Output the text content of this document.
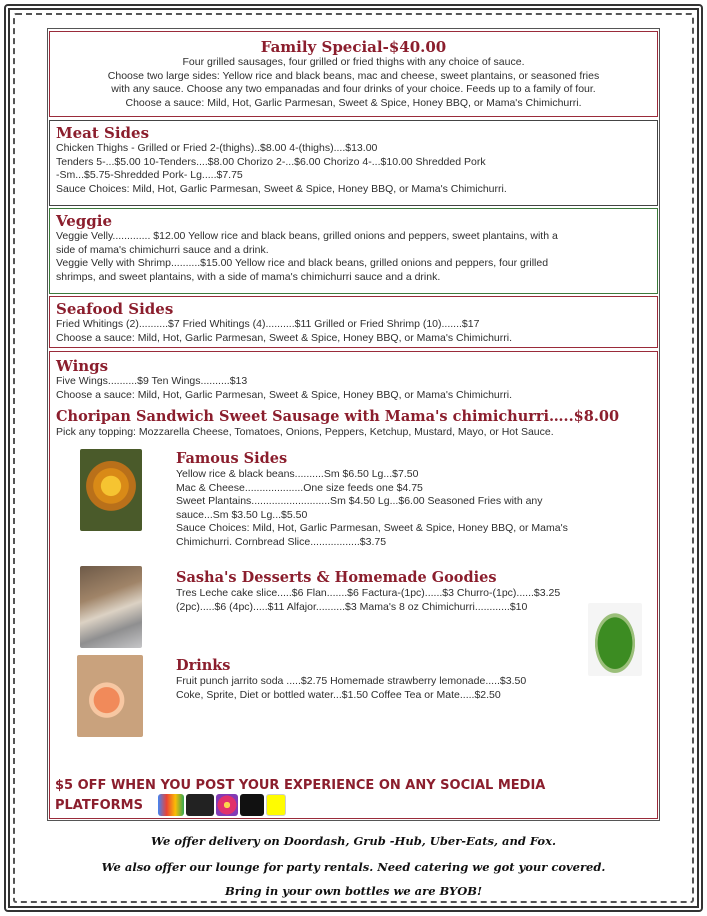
Family Special-$40.00
Four grilled sausages, four grilled or fried thighs with any choice of sauce.
Choose two large sides: Yellow rice and black beans, mac and cheese, sweet plantains, or seasoned fries
with any sauce. Choose any two empanadas and four drinks of your choice. Feeds up to a family of four.
Choose a sauce: Mild, Hot, Garlic Parmesan, Sweet & Spice, Honey BBQ, or Mama's Chimichurri.
Meat Sides
Chicken Thighs - Grilled or Fried 2-(thighs)..$8.00 4-(thighs)....$13.00
Tenders 5-...$5.00 10-Tenders....$8.00 Chorizo 2-...$6.00 Chorizo 4-...$10.00 Shredded Pork
-Sm...$5.75-Shredded Pork- Lg.....$7.75
Sauce Choices: Mild, Hot, Garlic Parmesan, Sweet & Spice, Honey BBQ, or Mama's Chimichurri.
Veggie
Veggie Velly............. $12.00 Yellow rice and black beans, grilled onions and peppers, sweet plantains, with a
side of mama's chimichurri sauce and a drink.
Veggie Velly with Shrimp..........$15.00 Yellow rice and black beans, grilled onions and peppers, four grilled
shrimps, and sweet plantains, with a side of mama's chimichurri sauce and a drink.
Seafood Sides
Fried Whitings (2)..........$7 Fried Whitings (4)..........$11 Grilled or Fried Shrimp (10).......$17
Choose a sauce: Mild, Hot, Garlic Parmesan, Sweet & Spice, Honey BBQ, or Mama's Chimichurri.
Wings
Five Wings..........$9 Ten Wings..........$13
Choose a sauce: Mild, Hot, Garlic Parmesan, Sweet & Spice, Honey BBQ, or Mama's Chimichurri.
Choripan Sandwich Sweet Sausage with Mama's chimichurri…..$8.00
Pick any topping: Mozzarella Cheese, Tomatoes, Onions, Peppers, Ketchup, Mustard, Mayo, or Hot Sauce.
Famous Sides
Yellow rice & black beans..........Sm $6.50 Lg...$7.50
Mac & Cheese....................One size feeds one $4.75
Sweet Plantains...........................Sm $4.50 Lg...$6.00 Seasoned Fries with any
sauce...Sm $3.50 Lg...$5.50
Sauce Choices: Mild, Hot, Garlic Parmesan, Sweet & Spice, Honey BBQ, or Mama's
Chimichurri. Cornbread Slice.................$3.75
Sasha's Desserts & Homemade Goodies
Tres Leche cake slice.....$6 Flan.......$6 Factura-(1pc)......$3 Churro-(1pc)......$3.25
(2pc).....$6 (4pc).....$11 Alfajor..........$3 Mama's 8 oz Chimichurri............$10
Drinks
Fruit punch jarrito soda .....$2.75 Homemade strawberry lemonade.....$3.50
Coke, Sprite, Diet or bottled water...$1.50 Coffee Tea or Mate.....$2.50
$5 OFF WHEN YOU POST YOUR EXPERIENCE ON ANY SOCIAL MEDIA
PLATFORMS
We offer delivery on Doordash, Grub -Hub, Uber-Eats, and Fox.
We also offer our lounge for party rentals. Need catering we got your covered.
Bring in your own bottles we are BYOB!
